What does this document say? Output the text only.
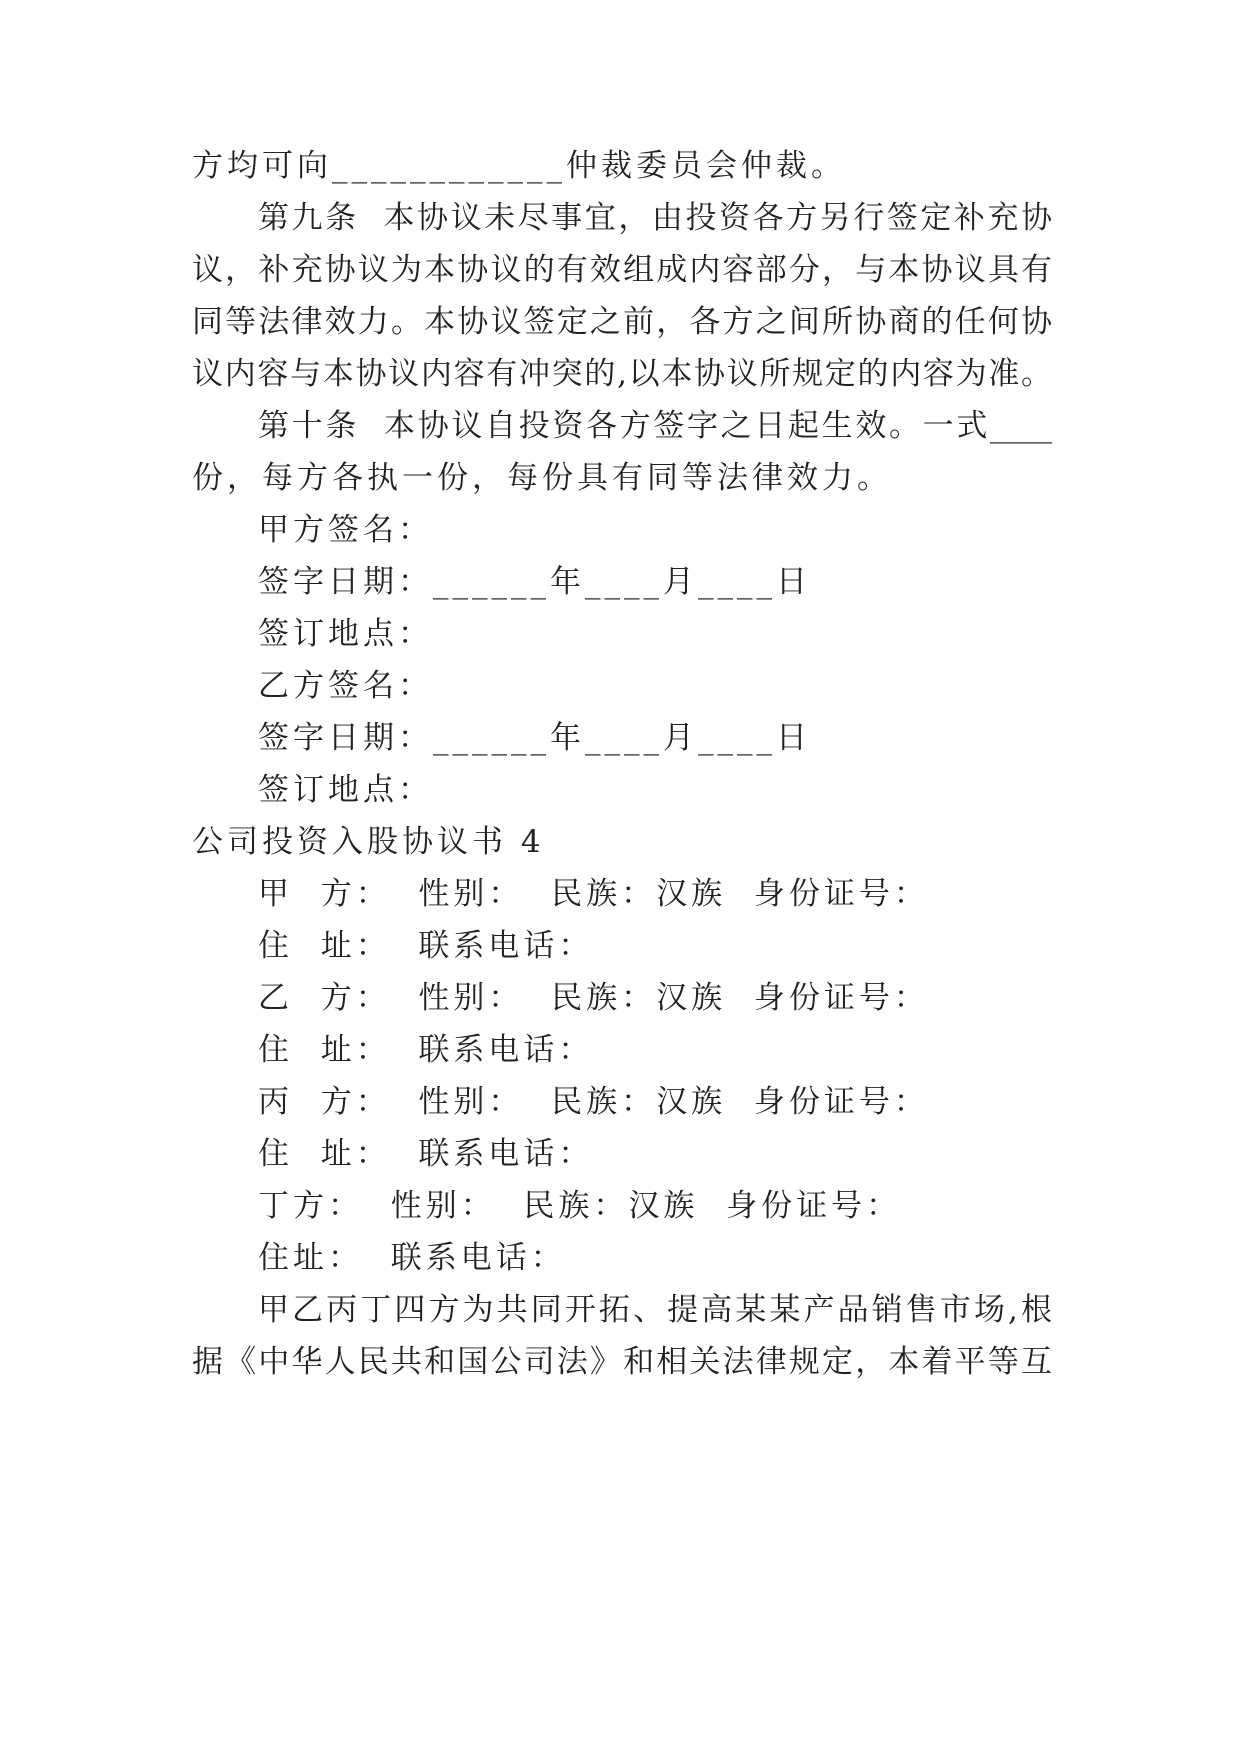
方均可向____________仲裁委员会仲裁。
第九条  本协议未尽事宜，由投资各方另行签定补充协
议，补充协议为本协议的有效组成内容部分，与本协议具有
同等法律效力。本协议签定之前，各方之间所协商的任何协
议内容与本协议内容有冲突的,以本协议所规定的内容为准。
第十条  本协议自投资各方签字之日起生效。一式____
份，每方各执一份，每份具有同等法律效力。
甲方签名：
签字日期：______年____月____日
签订地点：
乙方签名：
签字日期：______年____月____日
签订地点：
公司投资入股协议书 4
甲  方：  性别：  民族：汉族  身份证号：
住  址：  联系电话：
乙  方：  性别：  民族：汉族  身份证号：
住  址：  联系电话：
丙  方：  性别：  民族：汉族  身份证号：
住  址：  联系电话：
丁方：  性别：  民族：汉族  身份证号：
住址：  联系电话：
甲乙丙丁四方为共同开拓、提高某某产品销售市场,根
据《中华人民共和国公司法》和相关法律规定，本着平等互
